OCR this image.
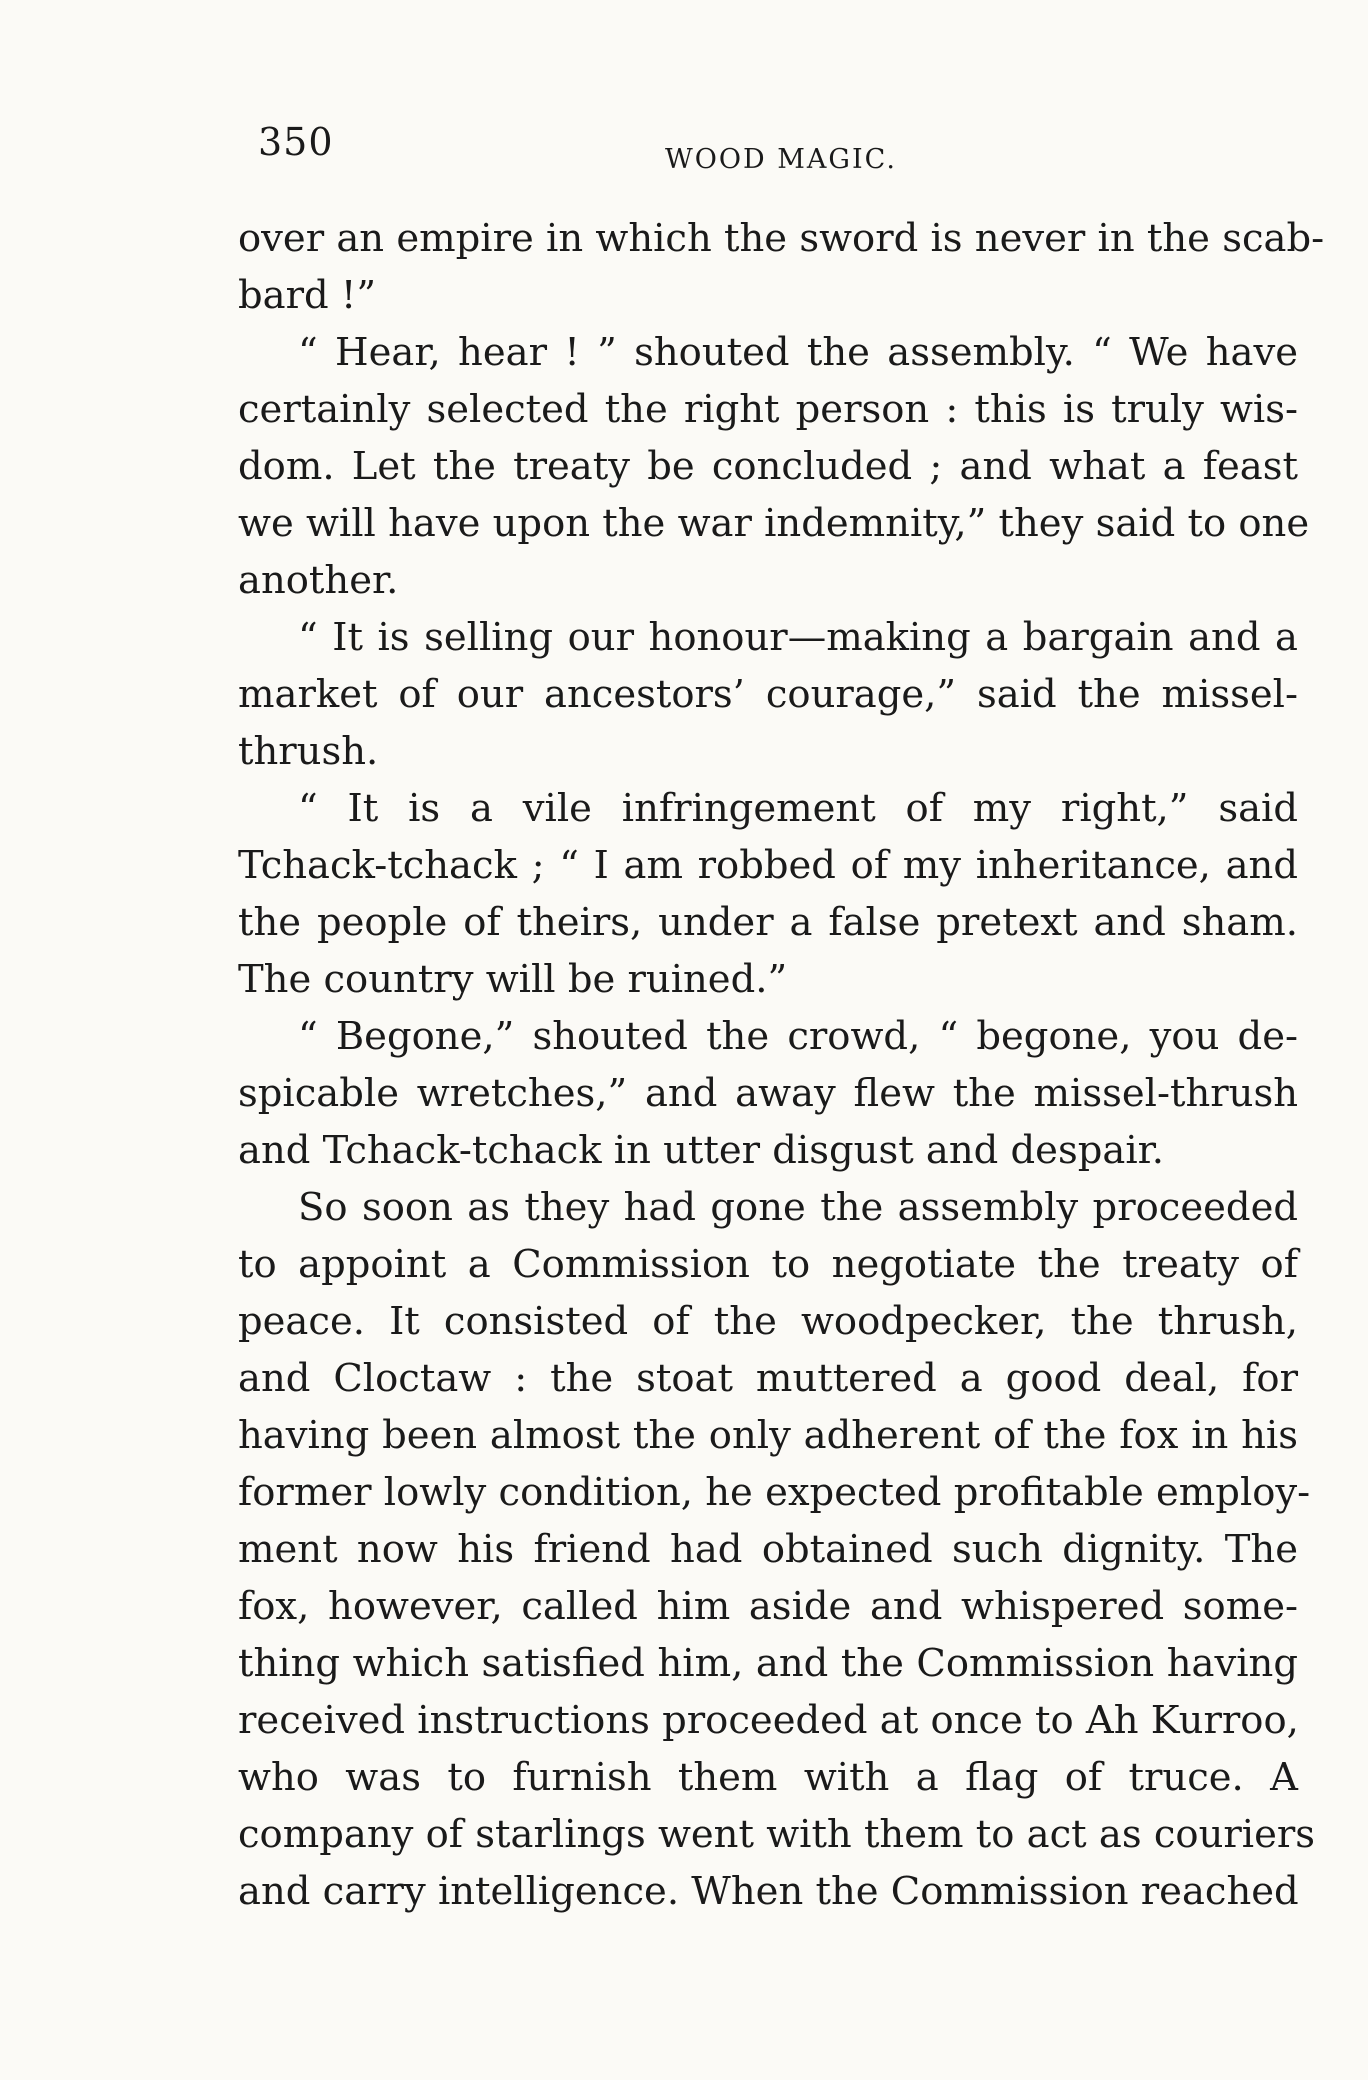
350	WOOD MAGIC.
over an empire in which the sword is never in the scab-
bard !”
“ Hear, hear ! ” shouted the assembly. “ We have
certainly selected the right person : this is truly wis-
dom. Let the treaty be concluded ; and what a feast
we will have upon the war indemnity,” they said to one
another.
“ It is selling our honour—making a bargain and a
market of our ancestors’ courage,” said the missel-
thrush.
“ It is a vile infringement of my right,” said
Tchack-tchack ; “ I am robbed of my inheritance, and
the people of theirs, under a false pretext and sham.
The country will be ruined.”
“ Begone,” shouted the crowd, “ begone, you de-
spicable wretches,” and away flew the missel-thrush
and Tchack-tchack in utter disgust and despair.
So soon as they had gone the assembly proceeded
to appoint a Commission to negotiate the treaty of
peace. It consisted of the woodpecker, the thrush,
and Cloctaw : the stoat muttered a good deal, for
having been almost the only adherent of the fox in his
former lowly condition, he expected profitable employ-
ment now his friend had obtained such dignity. The
fox, however, called him aside and whispered some-
thing which satisfied him, and the Commission having
received instructions proceeded at once to Ah Kurroo,
who was to furnish them with a flag of truce. A
company of starlings went with them to act as couriers
and carry intelligence. When the Commission reached
